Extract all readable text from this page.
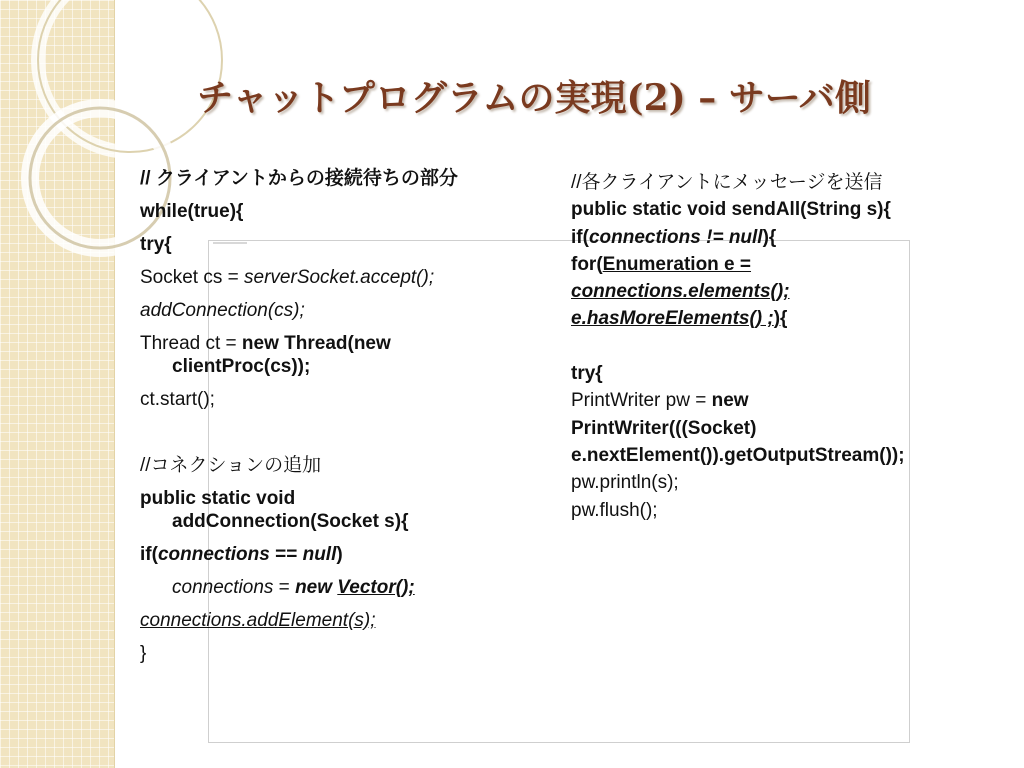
チャットプログラムの実現(2) – サーバ側
// クライアントからの接続待ちの部分
while(true){
try{
Socket cs = serverSocket.accept();
addConnection(cs);
Thread ct = new Thread(new
clientProc(cs));
ct.start();
//コネクションの追加
public static void
addConnection(Socket s){
if(connections == null)
connections = new Vector();
connections.addElement(s);
}
//各クライアントにメッセージを送信
public static void sendAll(String s){
if(connections != null){
for(Enumeration e =
connections.elements();
e.hasMoreElements() ;){
try{
PrintWriter pw = new
PrintWriter(((Socket)
e.nextElement()).getOutputStream());
pw.println(s);
pw.flush();
